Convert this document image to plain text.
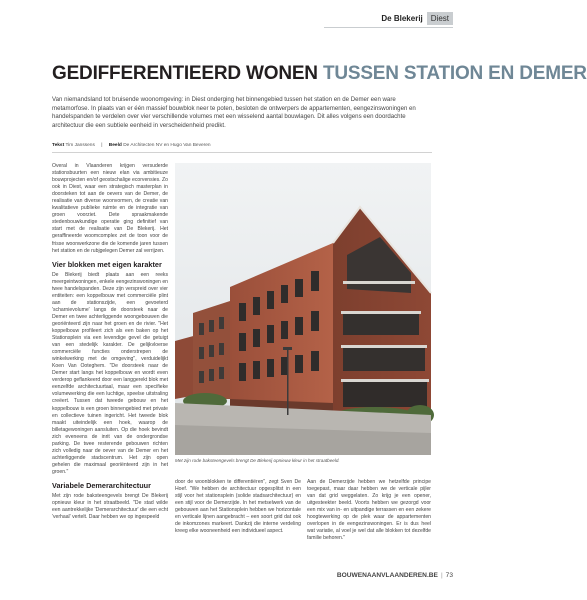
De Blekerij	Diest
GEDIFFERENTIEERD WONEN TUSSEN STATION EN DEMER

Van niemandsland tot bruisende woonomgeving: in Diest onderging het binnengebied tussen het station en de Demer een ware metamorfose. In plaats van er één massief bouwblok neer te poten, besloten de ontwerpers de appartementen, eengezinswoningen en handelspanden te verdelen over vier verschillende volumes met een wisselend aantal bouwlagen. Dit alles volgens een doordachte architectuur die een subtiele eenheid in verscheidenheid predikt.

Tekst Tim Janssens | Beeld De Architecten NV en Hugo Van Beveren

Overal in Vlaanderen krijgen versuderde stationsbuurten een nieuw elan via ambitieuze bouwprojecten en/of geostschalige ecorvensies. Zo ook in Diest, waar een strategisch masterplan in doorsteken tot aan de oevers van de Demer, de realisatie van diverse woonvormen, de creatie van kwalitatieve publieke ruimte en de integratie van groen voorziet. Dete spraakmakende stedenbouwkundige operatie ging definitief van start met de realisatie van De Blekerij. Het geraffineerde woomcomplex zet de toon voor de frisse woonwerkzone die de komende jaren tussen het station en de rubjgelegen Demer zal verrijzen.

Vier blokken met eigen karakter

De Blekerij biedt plaats aan een reeks meergeintwoningen, enkele eengezinswoningen en twee handelspanden. Deze zijn verspreid over vier entiteiten: een koppelbouw met commerciële plint aan de stationszijde, een gevoeterd 'scharnievolume' langs de doorsteek naar de Demer en twee achterliggende woongebouwen die georiënteerd zijn naar het groen en de rivier. "Het koppelbouw profileert zich als een baken op het Stationsplein via een levendige gevel die getuigt van een stedelijk karakter. De gelijkvloerse commerciële functies onderstrepen de winkelwerking met de omgeving", verduidelijkt Koen Van Ooteghem. "De doorsteek naar de Demer start langs het koppelbouw en wordt even verderop geflankeerd door een langgerekt blok met eenzelfde architectuurtaal, maar een specifieke volumewerking die een luchtige, speelse uitstraling creëert. Tussen dat tweede gebouw en het koppelbouw is een groen binnengebied met private en collectieve tuinen ingericht. Het tweede blok maakt uiteindelijk een hoek, waarop de billetagewoningen aansluiten. Op die hoek bevindt zich eveneens de inrit van de ondergrondse parking. De twee resterende gebouwen richten zich volledig naar de oever van de Demer en het achterliggende stadscentrum. Het zijn open gehelen die maximaal georiënteerd zijn in het groen."

Variabele Demerarchitectuur

Met zijn rode baksteengevels brengt De Blekerij opnieuw kleur in het straatbeeld. "De stad wilde een aantrekkelijke 'Demerarchitectuur' die een echt 'verhaal' vertelt. Daar hebben we op ingespeeld

Met zijn rode baksteengevels brengt De Blekerij opnieuw kleur in het straatbeeld.

door de woonblokken te differentiëren", zegt Sven De Hoef. "We hebben de architectuur opgesplitst in een stijl voor het stationsplein (solide stadsarchitectuur) en een stijl voor de Demerzijde. In het metselwerk van de gebouwen aan het Stationsplein hebben we horizontale en verticale lijnen aangebracht – een soort grid dat ook de inkomzones markeert. Dankzij die interne verdeling kreeg elke wooneenheid een individueel aspect.

Aan de Demerzijde hebben we hetzelfde principe toegepast, maar daar hebben we de verticale pijler van dat grid weggelaten. Zo krijg je een opener, uitgesteekter beeld. Voorts hebben we gezorgd voor een mix van in- en uitpandige terrassen en een zekere hoogtewerking op de plek waar de appartementen overlopen in de eengezinswoningen. Er is dus heel wat variatie, al voel je wel dat alle blokken tot dezelfde familie behoren."

BOUWENAANVLAANDEREN.BE | 73
